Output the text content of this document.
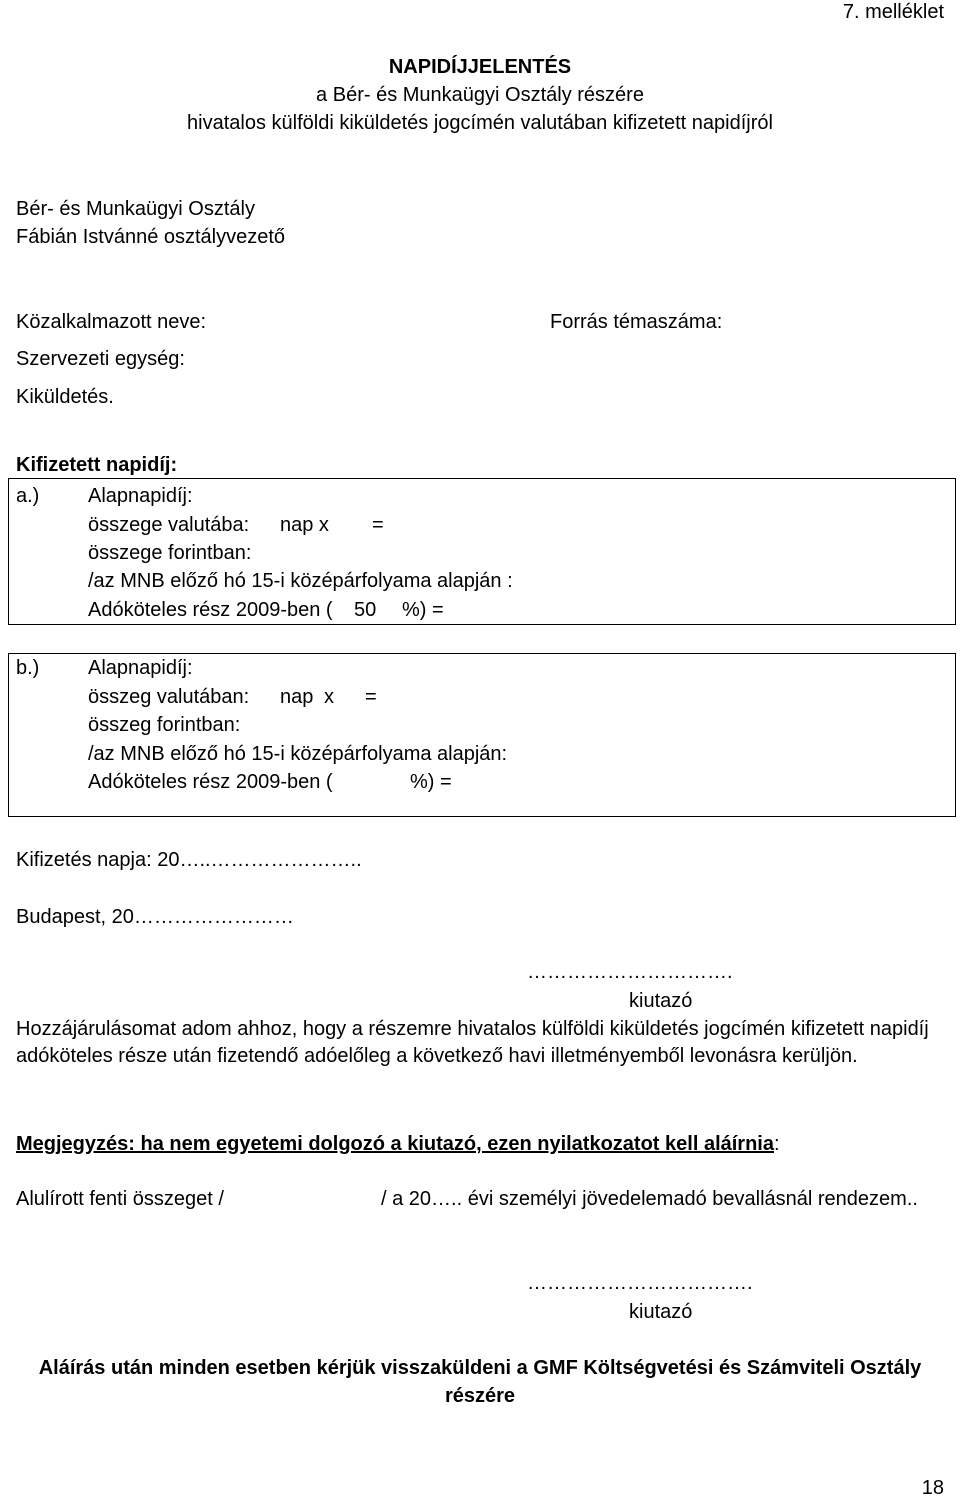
7. melléklet
NAPIDÍJJELENTÉS
a Bér- és Munkaügyi Osztály részére
hivatalos külföldi kiküldetés jogcímén valutában kifizetett napidíjról
Bér- és Munkaügyi Osztály
Fábián Istvánné osztályvezető
Közalkalmazott neve:	Forrás témaszáma:
Szervezeti egység:
Kiküldetés.
Kifizetett napidíj:
a.) Alapnapidíj:
összege valutába: nap x =
összege forintban:
/az MNB előző hó 15-i középárfolyama alapján :
Adóköteles rész 2009-ben ( 50 %) =
b.) Alapnapidíj:
összeg valutában: nap x =
összeg forintban:
/az MNB előző hó 15-i középárfolyama alapján:
Adóköteles rész 2009-ben (	%) =
Kifizetés napja: 20…..…………………..
Budapest, 20……………………
………………………….
kiutazó
Hozzájárulásomat adom ahhoz, hogy a részemre hivatalos külföldi kiküldetés jogcímén kifizetett napidíj
adóköteles része után fizetendő adóelőleg a következő havi illetményemből levonásra kerüljön.
Megjegyzés: ha nem egyetemi dolgozó a kiutazó, ezen nyilatkozatot kell aláírnia:
Alulírott fenti összeget /	/ a 20….. évi személyi jövedelemadó bevallásnál rendezem..
…………………………….
kiutazó
Aláírás után minden esetben kérjük visszaküldeni a GMF Költségvetési és Számviteli Osztály
részére
18
